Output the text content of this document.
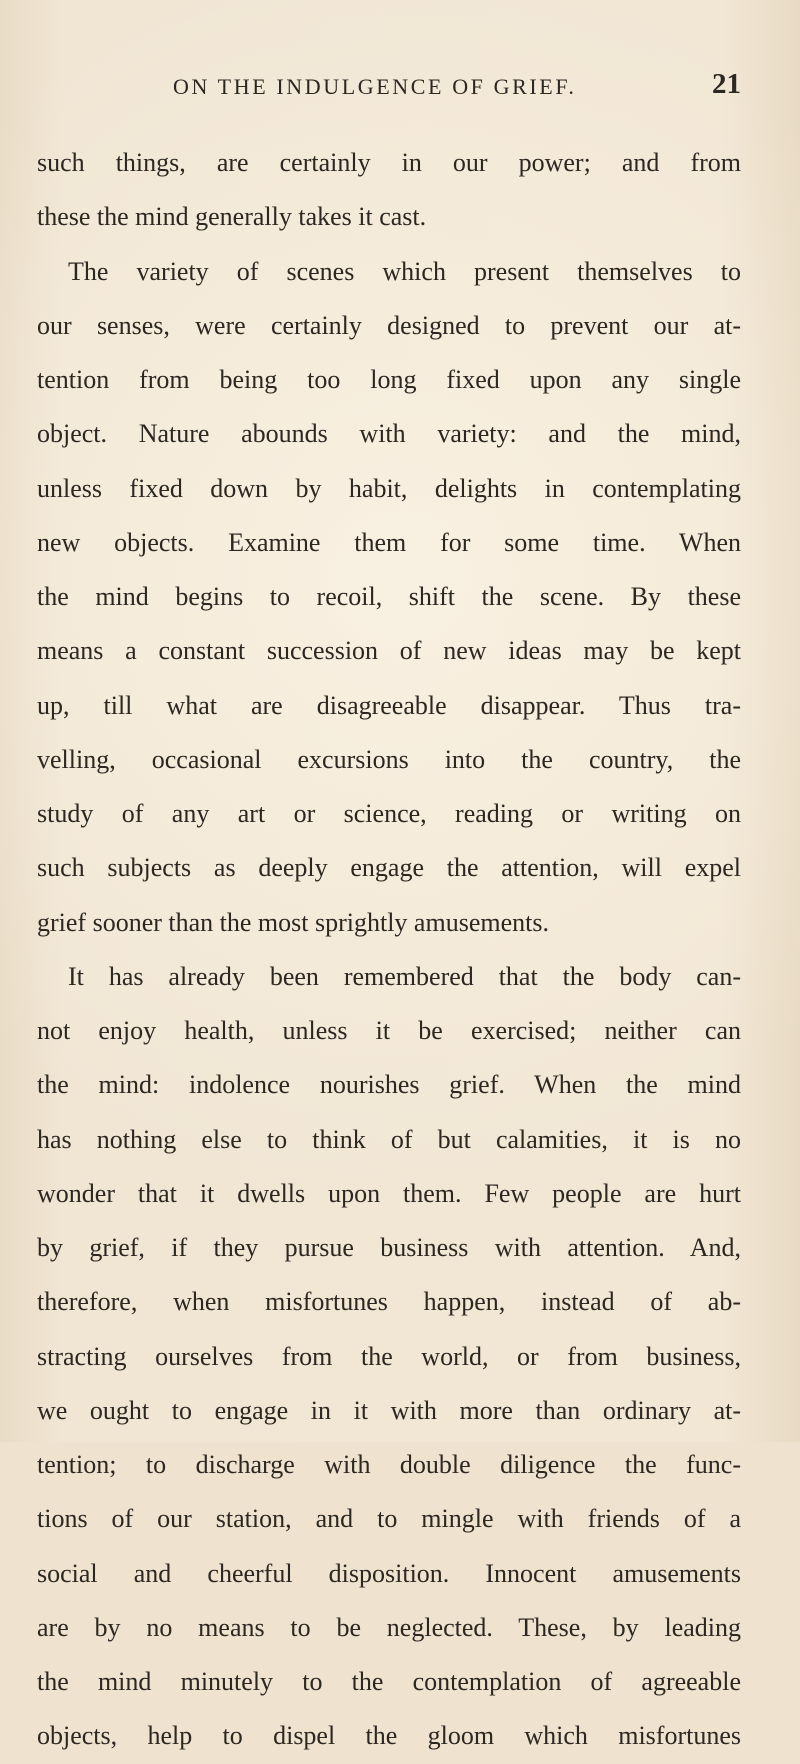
ON THE INDULGENCE OF GRIEF.	21
such things, are certainly in our power; and from
these the mind generally takes it cast.
The variety of scenes which present themselves to
our senses, were certainly designed to prevent our at-
tention from being too long fixed upon any single
object. Nature abounds with variety: and the mind,
unless fixed down by habit, delights in contemplating
new objects. Examine them for some time. When
the mind begins to recoil, shift the scene. By these
means a constant succession of new ideas may be kept
up, till what are disagreeable disappear. Thus tra-
velling, occasional excursions into the country, the
study of any art or science, reading or writing on
such subjects as deeply engage the attention, will expel
grief sooner than the most sprightly amusements.
It has already been remembered that the body can-
not enjoy health, unless it be exercised; neither can
the mind: indolence nourishes grief. When the mind
has nothing else to think of but calamities, it is no
wonder that it dwells upon them. Few people are hurt
by grief, if they pursue business with attention. And,
therefore, when misfortunes happen, instead of ab-
stracting ourselves from the world, or from business,
we ought to engage in it with more than ordinary at-
tention; to discharge with double diligence the func-
tions of our station, and to mingle with friends of a
social and cheerful disposition. Innocent amusements
are by no means to be neglected. These, by leading
the mind minutely to the contemplation of agreeable
objects, help to dispel the gloom which misfortunes
